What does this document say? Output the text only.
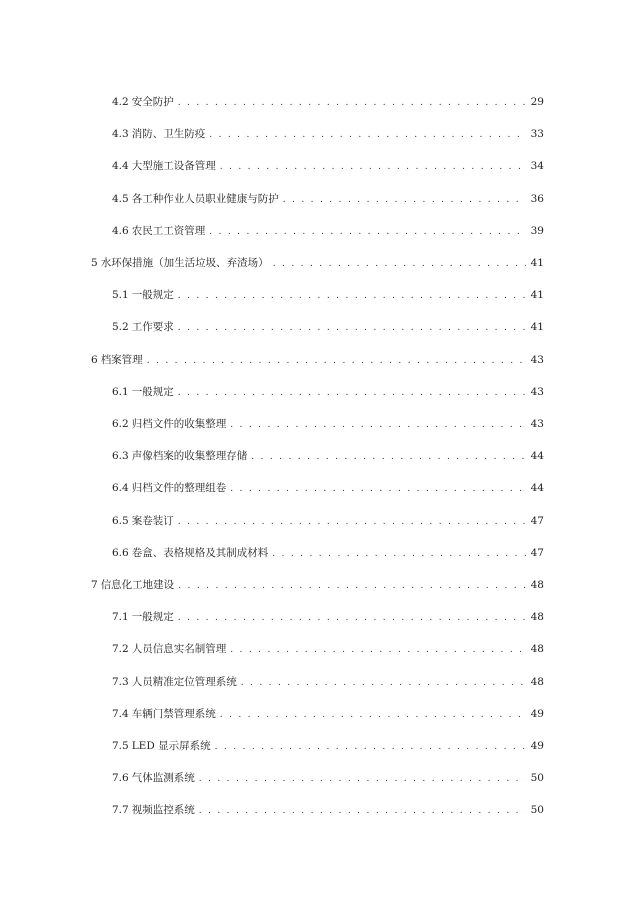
4.2 安全防护 . . .	29
4.3 消防、卫生防疫 . . .	33
4.4 大型施工设备管理 . . .	34
4.5 各工种作业人员职业健康与防护 . . .	36
4.6 农民工工资管理 . . .	39
5 水环保措施（加生活垃圾、弃渣场） . . .	41
5.1 一般规定 . . .	41
5.2 工作要求 . . .	41
6 档案管理 . . .	43
6.1 一般规定 . . .	43
6.2 归档文件的收集整理 . . .	43
6.3 声像档案的收集整理存储 . . .	44
6.4 归档文件的整理组卷 . . .	44
6.5 案卷装订 . . .	47
6.6 卷盒、表格规格及其制成材料 . . .	47
7 信息化工地建设 . . .	48
7.1 一般规定 . . .	48
7.2 人员信息实名制管理 . . .	48
7.3 人员精准定位管理系统 . . .	48
7.4 车辆门禁管理系统 . . .	49
7.5 LED 显示屏系统 . . .	49
7.6 气体监测系统 . . .	50
7.7 视频监控系统 . . .	50
